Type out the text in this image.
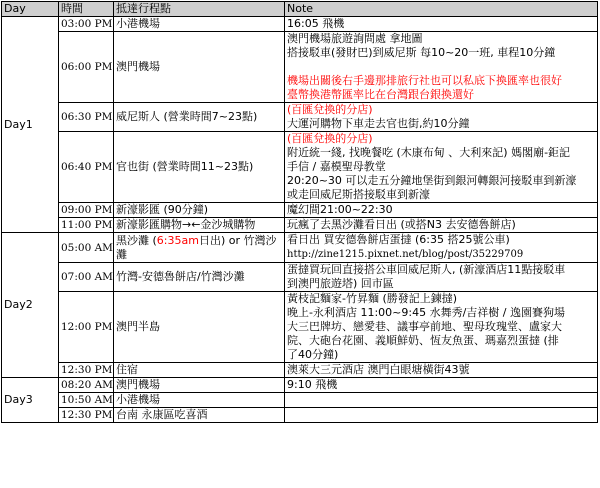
Day	時間	抵達行程點	Note
Day1	03:00 PM	小港機場	16:05 飛機

	06:00 PM	澳門機場	澳門機場旅遊詢問處 拿地圖
搭接駁車(發財巴)到威尼斯 每10~20一班, 車程10分鐘

機場出關後右手邊那排旅行社也可以私底下換匯率也很好
臺幣換港幣匯率比在台灣跟台銀換還好

	06:30 PM	威尼斯人 (營業時間7~23點)	(百匯兌換的分店)
大運河購物下車走去官也街,約10分鐘

	06:40 PM	官也街 (營業時間11~23點)	(百匯兌換的分店)
附近統一綫, 找晚餐吃 (木康布甸 、大利來記) 媽閣廟-鉅記
手信 / 嘉模聖母教堂
20:20~30 可以走五分鐘地堡街到銀河轉銀河接駁車到新濠
或走回威尼斯搭接駁車到新濠

	09:00 PM	新濠影匯 (90分鐘)	魔幻間21:00~22:30

	11:00 PM	新濠影匯購物→←金沙城購物	玩瘋了去黑沙灘看日出 (或搭N3 去安德魯餅店)

Day2	05:00 AM	黑沙灘 (6:35am日出) or 竹灣沙灘	看日出 買安德魯餅店蛋撻 (6:35 搭25號公車)
http://zine1215.pixnet.net/blog/post/35229709

	07:00 AM	竹灣-安德魯餅店/竹灣沙灘	蛋撻買玩回直接搭公車回威尼斯人, (新濠酒店11點接駁車
到澳門旅遊塔) 回市區

	12:00 PM	澳門半島	黃枝記麵家-竹昇麵 (勝發記上鍊撻)
晚上-永利酒店 11:00~9:45 水舞秀/吉祥樹 / 逸園賽狗場
大三巴牌坊、戀愛巷、議事亭前地、聖母玫瑰堂、盧家大
院、大砲台花園、義順鮮奶、恆友魚蛋、瑪嘉烈蛋撻 (排
了40分鐘)

	12:30 PM	住宿	澳萊大三元酒店 澳門白眼塘橫街43號

Day3	08:20 AM	澳門機場	9:10 飛機

	10:50 AM	小港機場	

	12:30 PM	台南 永康區吃喜酒	
